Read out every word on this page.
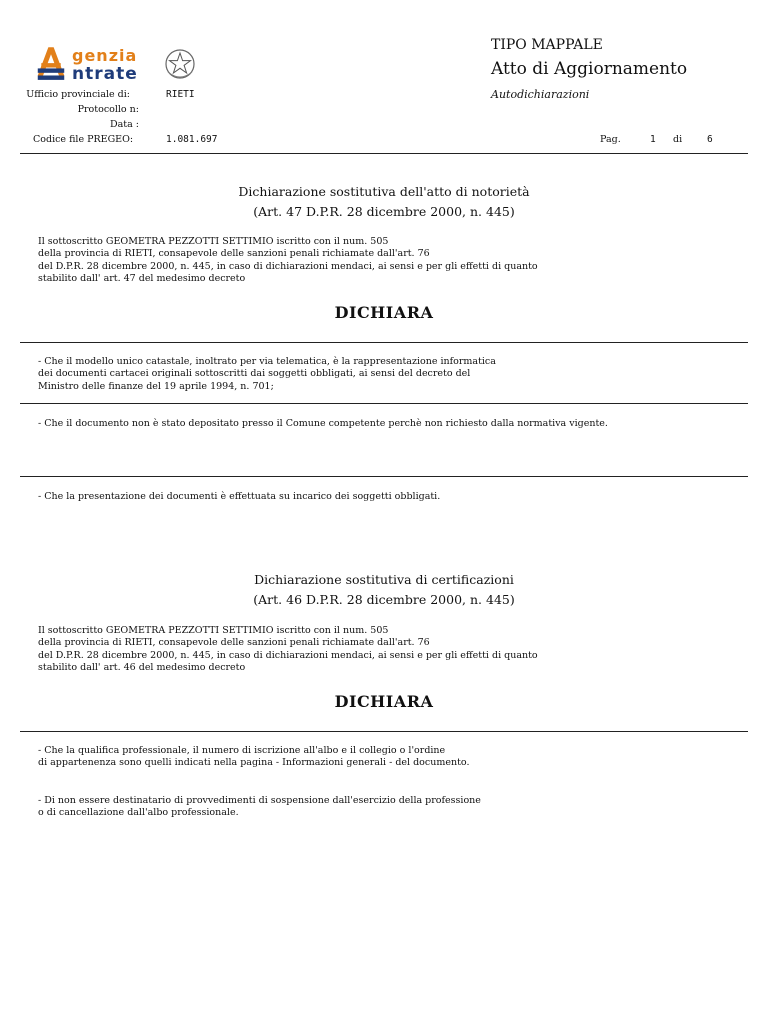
genzia
ntrate
TIPO MAPPALE
Atto di Aggiornamento
Autodichiarazioni
Ufficio provinciale di:	RIETI
Protocollo n:
Data :
Codice file PREGEO:	1.081.697	Pag.	1 di	6
Dichiarazione sostitutiva dell'atto di notorietà
(Art. 47 D.P.R. 28 dicembre 2000, n. 445)
Il sottoscritto GEOMETRA PEZZOTTI SETTIMIO iscritto con il num. 505
della provincia di RIETI, consapevole delle sanzioni penali richiamate dall'art. 76
del D.P.R. 28 dicembre 2000, n. 445, in caso di dichiarazioni mendaci, ai sensi e per gli effetti di quanto
stabilito dall' art. 47 del medesimo decreto
DICHIARA
- Che il modello unico catastale, inoltrato per via telematica, è la rappresentazione informatica
dei documenti cartacei originali sottoscritti dai soggetti obbligati, ai sensi del decreto del
Ministro delle finanze del 19 aprile 1994, n. 701;
- Che il documento non è stato depositato presso il Comune competente perchè non richiesto dalla normativa vigente.
- Che la presentazione dei documenti è effettuata su incarico dei soggetti obbligati.
Dichiarazione sostitutiva di certificazioni
(Art. 46 D.P.R. 28 dicembre 2000, n. 445)
Il sottoscritto GEOMETRA PEZZOTTI SETTIMIO iscritto con il num. 505
della provincia di RIETI, consapevole delle sanzioni penali richiamate dall'art. 76
del D.P.R. 28 dicembre 2000, n. 445, in caso di dichiarazioni mendaci, ai sensi e per gli effetti di quanto
stabilito dall' art. 46 del medesimo decreto
DICHIARA
- Che la qualifica professionale, il numero di iscrizione all'albo e il collegio o l'ordine
di appartenenza sono quelli indicati nella pagina - Informazioni generali - del documento.
- Di non essere destinatario di provvedimenti di sospensione dall'esercizio della professione
o di cancellazione dall'albo professionale.
